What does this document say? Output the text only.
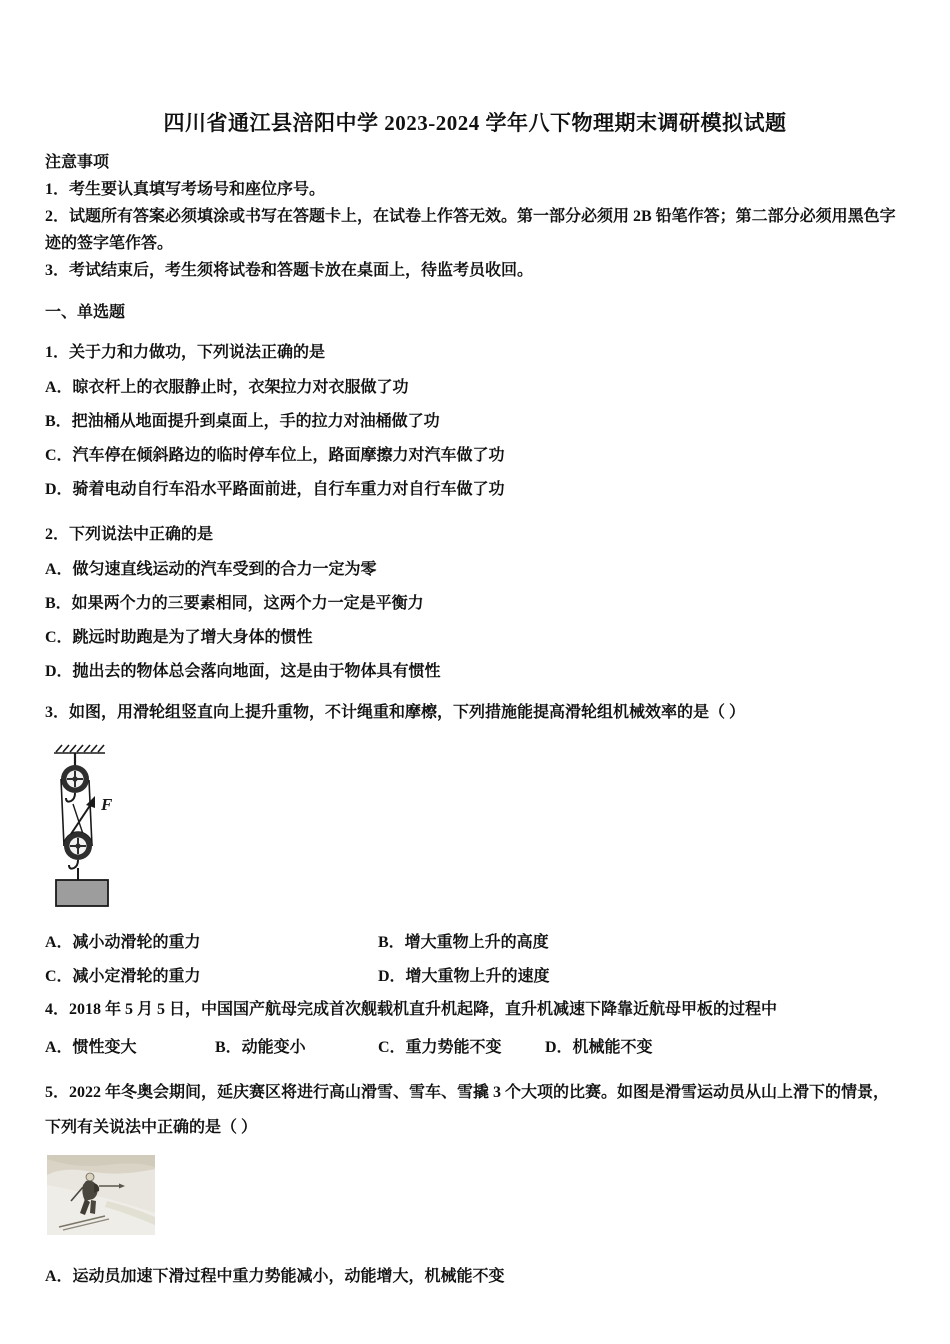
四川省通江县涪阳中学 2023-2024 学年八下物理期末调研模拟试题
注意事项
1．考生要认真填写考场号和座位序号。
2．试题所有答案必须填涂或书写在答题卡上，在试卷上作答无效。第一部分必须用 2B 铅笔作答；第二部分必须用黑色字迹的签字笔作答。
3．考试结束后，考生须将试卷和答题卡放在桌面上，待监考员收回。
一、单选题
1．关于力和力做功，下列说法正确的是
A．晾衣杆上的衣服静止时，衣架拉力对衣服做了功
B．把油桶从地面提升到桌面上，手的拉力对油桶做了功
C．汽车停在倾斜路边的临时停车位上，路面摩擦力对汽车做了功
D．骑着电动自行车沿水平路面前进，自行车重力对自行车做了功
2．下列说法中正确的是
A．做匀速直线运动的汽车受到的合力一定为零
B．如果两个力的三要素相同，这两个力一定是平衡力
C．跳远时助跑是为了增大身体的惯性
D．抛出去的物体总会落向地面，这是由于物体具有惯性
3．如图，用滑轮组竖直向上提升重物，不计绳重和摩檫，下列措施能提高滑轮组机械效率的是（ ）
F
A．减小动滑轮的重力	B．增大重物上升的高度
C．减小定滑轮的重力	D．增大重物上升的速度
4．2018 年 5 月 5 日，中国国产航母完成首次舰载机直升机起降，直升机减速下降靠近航母甲板的过程中
A．惯性变大	B．动能变小	C．重力势能不变	D．机械能不变
5．2022 年冬奥会期间，延庆赛区将进行高山滑雪、雪车、雪撬 3 个大项的比赛。如图是滑雪运动员从山上滑下的情景，
下列有关说法中正确的是（ ）
A．运动员加速下滑过程中重力势能减小，动能增大，机械能不变
